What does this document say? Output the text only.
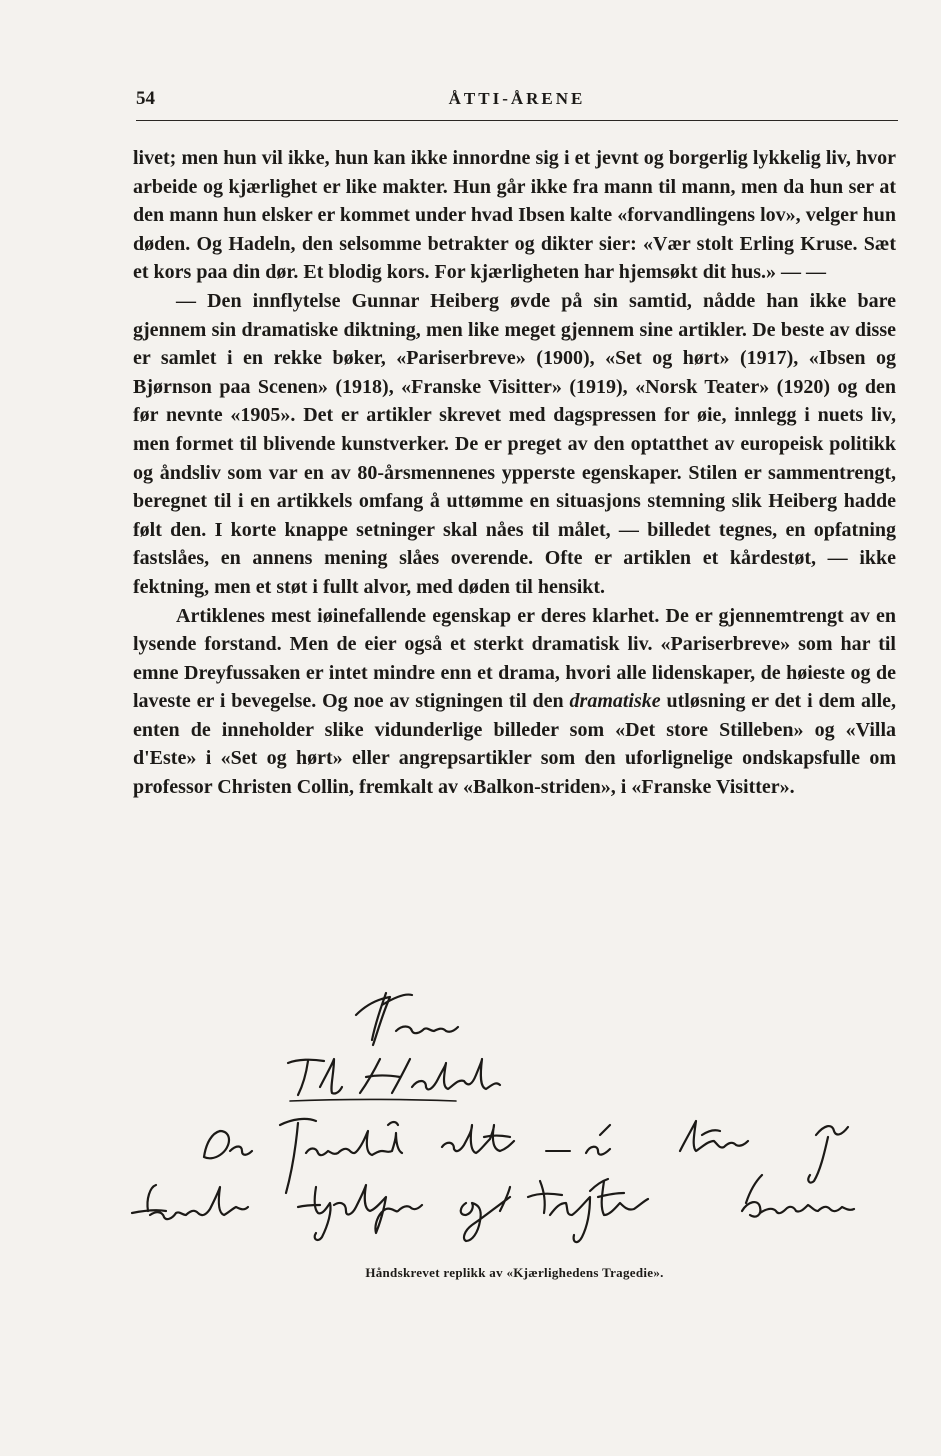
54	ÅTTI-ÅRENE

livet; men hun vil ikke, hun kan ikke innordne sig i et jevnt og borgerlig lykkelig liv, hvor arbeide og kjærlighet er like makter. Hun går ikke fra mann til mann, men da hun ser at den mann hun elsker er kommet under hvad Ibsen kalte «forvandlingens lov», velger hun døden. Og Hadeln, den selsomme betrakter og dikter sier: «Vær stolt Erling Kruse. Sæt et kors paa din dør. Et blodig kors. For kjærligheten har hjemsøkt dit hus.» — —

— Den innflytelse Gunnar Heiberg øvde på sin samtid, nådde han ikke bare gjennem sin dramatiske diktning, men like meget gjennem sine artikler. De beste av disse er samlet i en rekke bøker, «Pariserbreve» (1900), «Set og hørt» (1917), «Ibsen og Bjørnson paa Scenen» (1918), «Franske Visitter» (1919), «Norsk Teater» (1920) og den før nevnte «1905». Det er artikler skrevet med dagspressen for øie, innlegg i nuets liv, men formet til blivende kunstverker. De er preget av den optatthet av europeisk politikk og åndsliv som var en av 80-årsmennenes ypperste egenskaper. Stilen er sammentrengt, beregnet til i en artikkels omfang å uttømme en situasjons stemning slik Heiberg hadde følt den. I korte knappe setninger skal nåes til målet, — billedet tegnes, en opfatning fastslåes, en annens mening slåes overende. Ofte er artiklen et kårdestøt, — ikke fektning, men et støt i fullt alvor, med døden til hensikt.

Artiklenes mest iøinefallende egenskap er deres klarhet. De er gjennemtrengt av en lysende forstand. Men de eier også et sterkt dramatisk liv. «Pariserbreve» som har til emne Dreyfussaken er intet mindre enn et drama, hvori alle lidenskaper, de høieste og de laveste er i bevegelse. Og noe av stigningen til den dramatiske utløsning er det i dem alle, enten de inneholder slike vidunderlige billeder som «Det store Stilleben» og «Villa d'Este» i «Set og hørt» eller angrepsartikler som den uforlignelige ondskapsfulle om professor Christen Collin, fremkalt av «Balkon-striden», i «Franske Visitter».

Håndskrevet replikk av «Kjærlighedens Tragedie».
